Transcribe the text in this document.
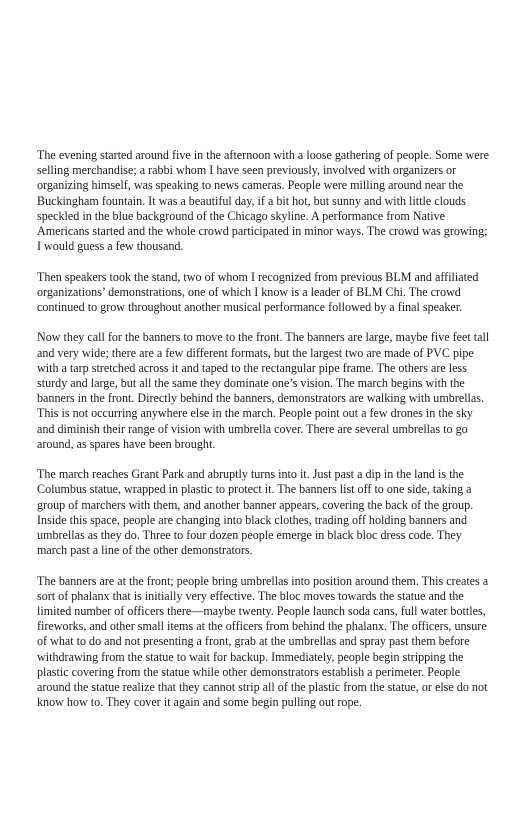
The evening started around five in the afternoon with a loose gathering of people. Some were selling merchandise; a rabbi whom I have seen previously, involved with organizers or organizing himself, was speaking to news cameras. People were milling around near the Buckingham fountain. It was a beautiful day, if a bit hot, but sunny and with little clouds speckled in the blue background of the Chicago skyline. A performance from Native Americans started and the whole crowd participated in minor ways. The crowd was growing; I would guess a few thousand.

Then speakers took the stand, two of whom I recognized from previous BLM and affiliated organizations’ demonstrations, one of which I know is a leader of BLM Chi. The crowd continued to grow throughout another musical performance followed by a final speaker.

Now they call for the banners to move to the front. The banners are large, maybe five feet tall and very wide; there are a few different formats, but the largest two are made of PVC pipe with a tarp stretched across it and taped to the rectangular pipe frame. The others are less sturdy and large, but all the same they dominate one’s vision. The march begins with the banners in the front. Directly behind the banners, demonstrators are walking with umbrellas. This is not occurring anywhere else in the march. People point out a few drones in the sky and diminish their range of vision with umbrella cover. There are several umbrellas to go around, as spares have been brought.

The march reaches Grant Park and abruptly turns into it. Just past a dip in the land is the Columbus statue, wrapped in plastic to protect it. The banners list off to one side, taking a group of marchers with them, and another banner appears, covering the back of the group. Inside this space, people are changing into black clothes, trading off holding banners and umbrellas as they do. Three to four dozen people emerge in black bloc dress code. They march past a line of the other demonstrators.

The banners are at the front; people bring umbrellas into position around them. This creates a sort of phalanx that is initially very effective. The bloc moves towards the statue and the limited number of officers there—maybe twenty. People launch soda cans, full water bottles, fireworks, and other small items at the officers from behind the phalanx. The officers, unsure of what to do and not presenting a front, grab at the umbrellas and spray past them before withdrawing from the statue to wait for backup. Immediately, people begin stripping the plastic covering from the statue while other demonstrators establish a perimeter. People around the statue realize that they cannot strip all of the plastic from the statue, or else do not know how to. They cover it again and some begin pulling out rope.
